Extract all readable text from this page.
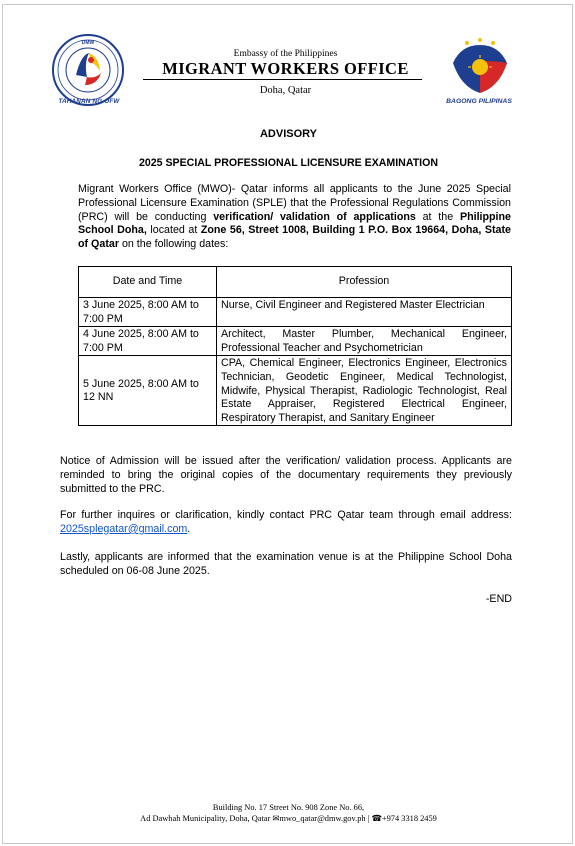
DMW
TAHANAN NG OFW
Embassy of the Philippines
MIGRANT WORKERS OFFICE
Doha, Qatar
BAGONG PILIPINAS
ADVISORY
2025 SPECIAL PROFESSIONAL LICENSURE EXAMINATION
Migrant Workers Office (MWO)- Qatar informs all applicants to the June 2025 Special Professional Licensure Examination (SPLE) that the Professional Regulations Commission (PRC) will be conducting verification/ validation of applications at the Philippine School Doha, located at Zone 56, Street 1008, Building 1 P.O. Box 19664, Doha, State of Qatar on the following dates:
Date and Time	Profession
3 June 2025, 8:00 AM to 7:00 PM	Nurse, Civil Engineer and Registered Master Electrician
4 June 2025, 8:00 AM to 7:00 PM	Architect, Master Plumber, Mechanical Engineer, Professional Teacher and Psychometrician
5 June 2025, 8:00 AM to 12 NN	CPA, Chemical Engineer, Electronics Engineer, Electronics Technician, Geodetic Engineer, Medical Technologist, Midwife, Physical Therapist, Radiologic Technologist, Real Estate Appraiser, Registered Electrical Engineer, Respiratory Therapist, and Sanitary Engineer
Notice of Admission will be issued after the verification/ validation process. Applicants are reminded to bring the original copies of the documentary requirements they previously submitted to the PRC.
For further inquires or clarification, kindly contact PRC Qatar team through email address: 2025splegatar@gmail.com.
Lastly, applicants are informed that the examination venue is at the Philippine School Doha scheduled on 06-08 June 2025.
-END
Building No. 17 Street No. 908 Zone No. 66,
Ad Dawhah Municipality, Doha, Qatar ✉mwo_qatar@dmw.gov.ph | ☎+974 3318 2459
